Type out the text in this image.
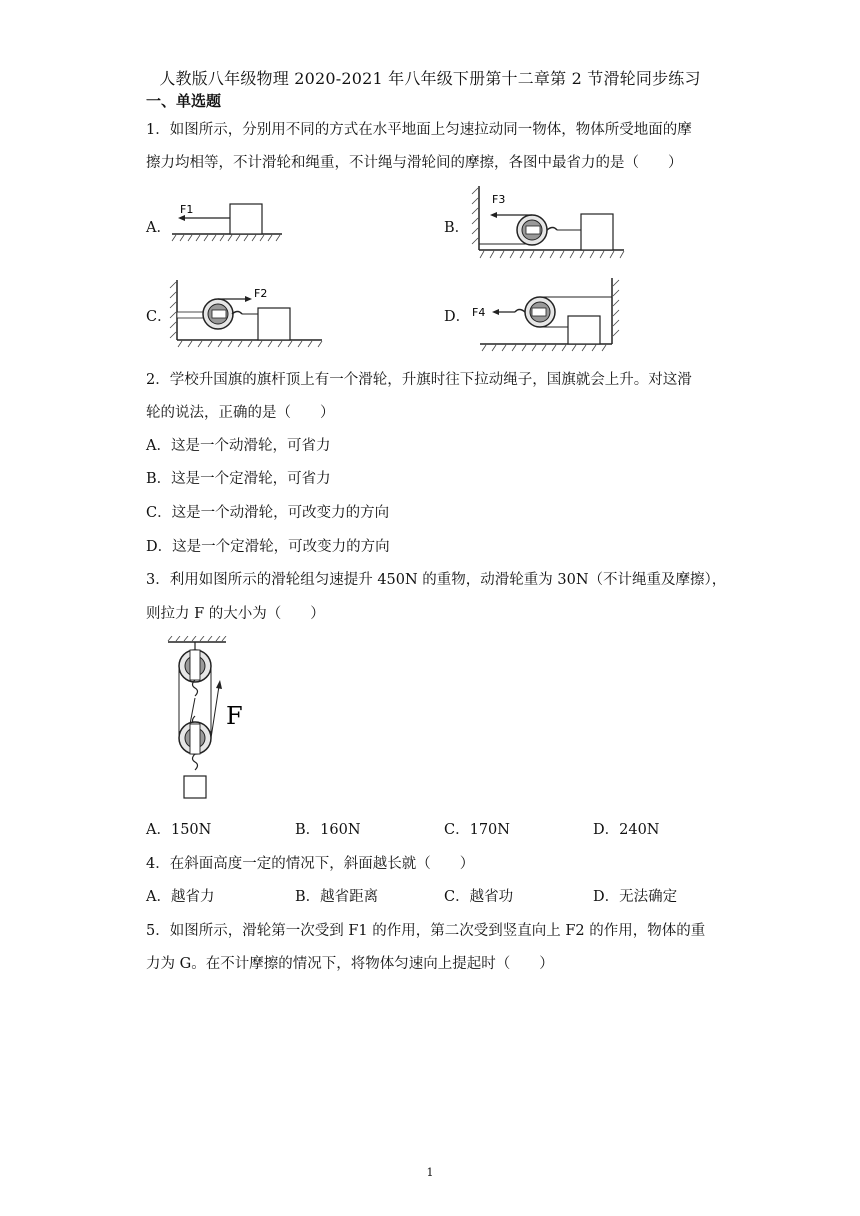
人教版八年级物理 2020-2021 年八年级下册第十二章第 2 节滑轮同步练习
一、单选题
1．如图所示，分别用不同的方式在水平地面上匀速拉动同一物体，物体所受地面的摩
擦力均相等，不计滑轮和绳重，不计绳与滑轮间的摩擦，各图中最省力的是（　　）
A．	B．
C．	D．
F1
F3
F2
F4
2．学校升国旗的旗杆顶上有一个滑轮，升旗时往下拉动绳子，国旗就会上升。对这滑
轮的说法，正确的是（　　）
A．这是一个动滑轮，可省力
B．这是一个定滑轮，可省力
C．这是一个动滑轮，可改变力的方向
D．这是一个定滑轮，可改变力的方向
3．利用如图所示的滑轮组匀速提升 450N 的重物，动滑轮重为 30N（不计绳重及摩擦），
则拉力 F 的大小为（　　）
F
A．150N	B．160N	C．170N	D．240N
4．在斜面高度一定的情况下，斜面越长就（　　）
A．越省力	B．越省距离	C．越省功	D．无法确定
5．如图所示，滑轮第一次受到 F1 的作用，第二次受到竖直向上 F2 的作用，物体的重
力为 G。在不计摩擦的情况下，将物体匀速向上提起时（　　）
1
